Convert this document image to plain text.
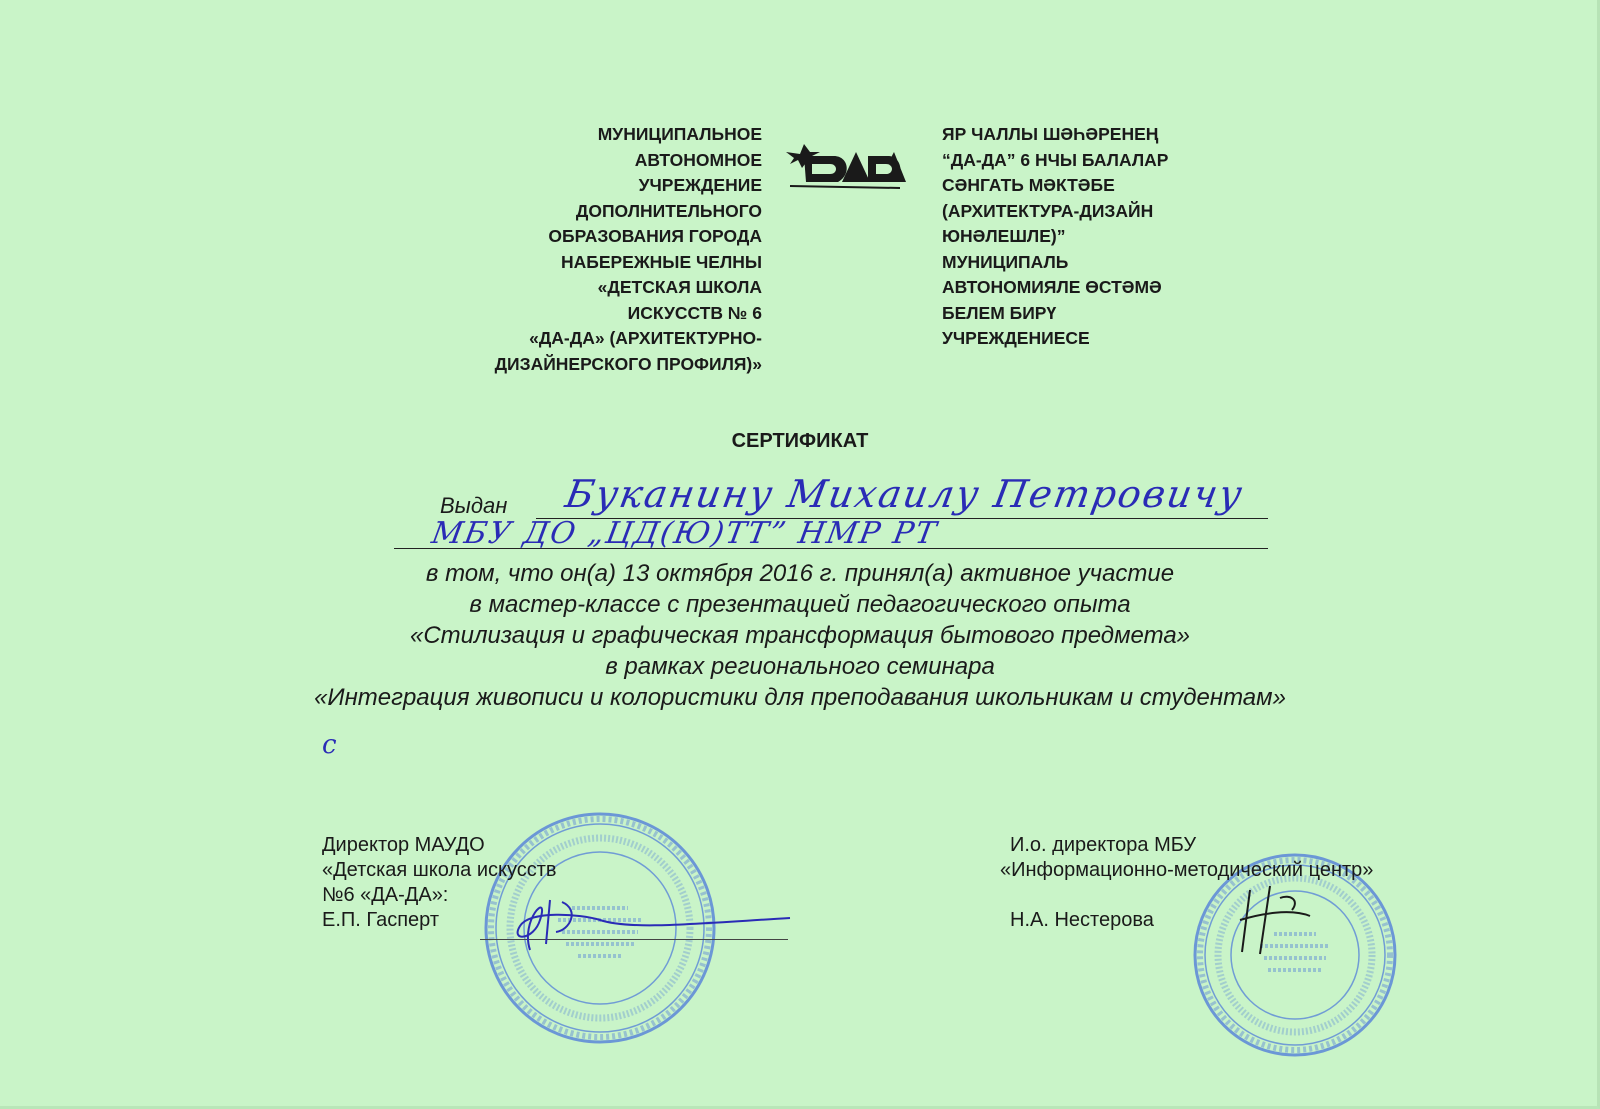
МУНИЦИПАЛЬНОЕ
АВТОНОМНОЕ
УЧРЕЖДЕНИЕ
ДОПОЛНИТЕЛЬНОГО
ОБРАЗОВАНИЯ ГОРОДА
НАБЕРЕЖНЫЕ ЧЕЛНЫ
«ДЕТСКАЯ ШКОЛА
ИСКУССТВ № 6
«ДА-ДА» (АРХИТЕКТУРНО-
ДИЗАЙНЕРСКОГО ПРОФИЛЯ)»
ЯР ЧАЛЛЫ ШӘҺӘРЕНЕҢ
“ДА-ДА” 6 НЧЫ БАЛАЛАР
СӘНГАТЬ МӘКТӘБЕ
(АРХИТЕКТУРА-ДИЗАЙН
ЮНӘЛЕШЛЕ)”
МУНИЦИПАЛЬ
АВТОНОМИЯЛЕ ӨСТӘМӘ
БЕЛЕМ БИРҮ
УЧРЕЖДЕНИЕСЕ
СЕРТИФИКАТ
Выдан Буканину Михаилу Петровичу
МБУ ДО „ЦД(Ю)ТТ” НМР РТ
в том, что он(а) 13 октября 2016 г. принял(а) активное участие
в мастер-классе с презентацией педагогического опыта
«Стилизация и графическая трансформация бытового предмета»
в рамках регионального семинара
«Интеграция живописи и колористики для преподавания школьникам и студентам»
с
Директор МАУДО
«Детская школа искусств
№6 «ДА-ДА»:
Е.П. Гасперт
И.о. директора МБУ
«Информационно-методический центр»
Н.А. Нестерова
